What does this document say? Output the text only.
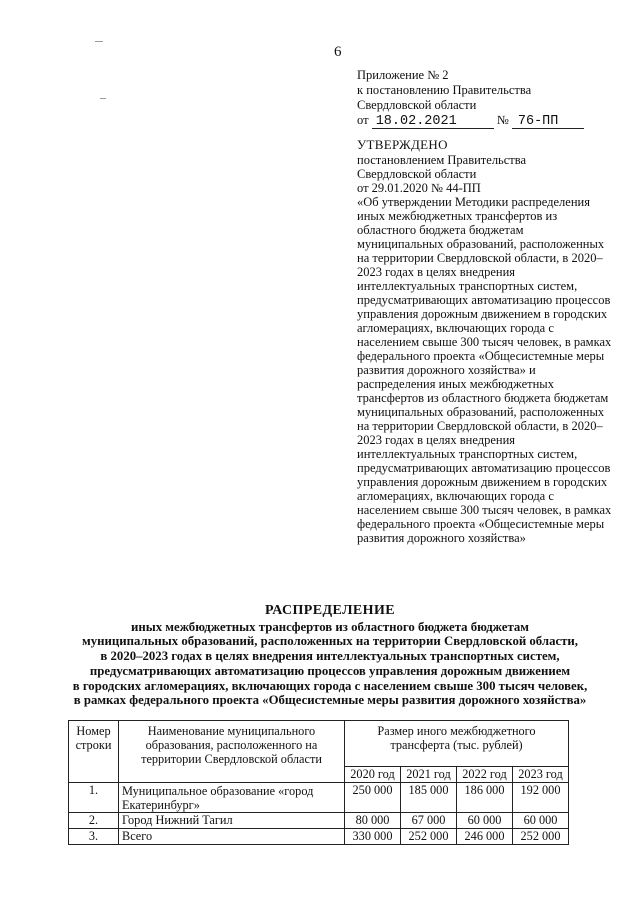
6
Приложение № 2
к постановлению Правительства
Свердловской области
от 18.02.2021	№ 76-ПП
УТВЕРЖДЕНО
постановлением Правительства
Свердловской области
от 29.01.2020 № 44-ПП
«Об утверждении Методики распределения иных межбюджетных трансфертов из областного бюджета бюджетам муниципальных образований, расположенных на территории Свердловской области, в 2020–2023 годах в целях внедрения интеллектуальных транспортных систем, предусматривающих автоматизацию процессов управления дорожным движением в городских агломерациях, включающих города с населением свыше 300 тысяч человек, в рамках федерального проекта «Общесистемные меры развития дорожного хозяйства» и распределения иных межбюджетных трансфертов из областного бюджета бюджетам муниципальных образований, расположенных на территории Свердловской области, в 2020–2023 годах в целях внедрения интеллектуальных транспортных систем, предусматривающих автоматизацию процессов управления дорожным движением в городских агломерациях, включающих города с населением свыше 300 тысяч человек, в рамках федерального проекта «Общесистемные меры развития дорожного хозяйства»
РАСПРЕДЕЛЕНИЕ
иных межбюджетных трансфертов из областного бюджета бюджетам
муниципальных образований, расположенных на территории Свердловской области,
в 2020–2023 годах в целях внедрения интеллектуальных транспортных систем,
предусматривающих автоматизацию процессов управления дорожным движением
в городских агломерациях, включающих города с населением свыше 300 тысяч человек,
в рамках федерального проекта «Общесистемные меры развития дорожного хозяйства»
Номер строки	Наименование муниципального образования, расположенного на территории Свердловской области	Размер иного межбюджетного трансферта (тыс. рублей)			
		2020 год	2021 год	2022 год	2023 год
1.	Муниципальное образование «город Екатеринбург»	250 000	185 000	186 000	192 000
2.	Город Нижний Тагил	80 000	67 000	60 000	60 000
3.	Всего	330 000	252 000	246 000	252 000
